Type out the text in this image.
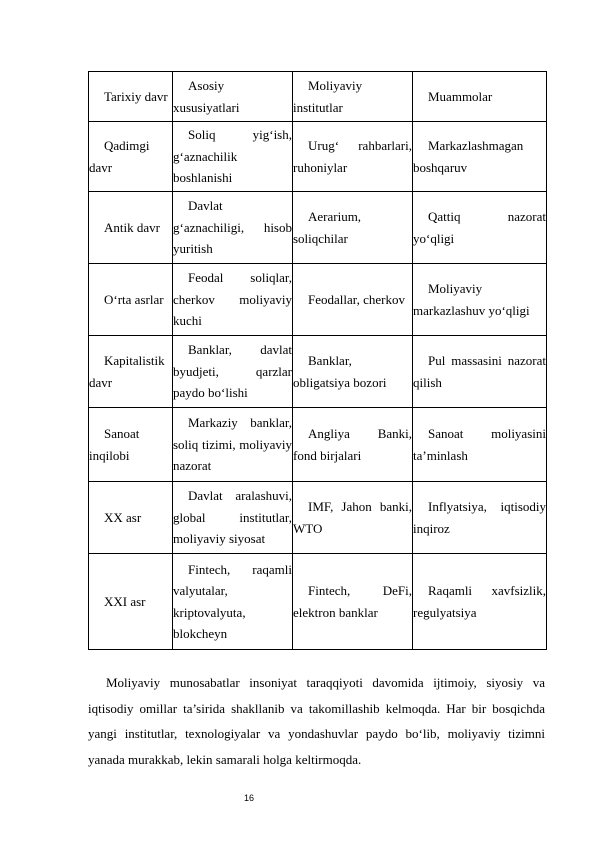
Tarixiy davr	Asosiy xususiyatlari	Moliyaviy institutlar	Muammolar

Qadimgi davr	Soliq yig‘ish, g‘aznachilik boshlanishi	Urug‘ rahbarlari, ruhoniylar	Markazlashmagan boshqaruv

Antik davr	Davlat g‘aznachiligi, hisob yuritish	Aerarium, soliqchilar	Qattiq nazorat yo‘qligi

O‘rta asrlar	Feodal soliqlar, cherkov moliyaviy kuchi	Feodallar, cherkov	Moliyaviy markazlashuv yo‘qligi

Kapitalistik davr	Banklar, davlat byudjeti, qarzlar paydo bo‘lishi	Banklar, obligatsiya bozori	Pul massasini nazorat qilish

Sanoat inqilobi	Markaziy banklar, soliq tizimi, moliyaviy nazorat	Angliya Banki, fond birjalari	Sanoat moliyasini ta’minlash

XX asr	Davlat aralashuvi, global institutlar, moliyaviy siyosat	IMF, Jahon banki, WTO	Inflyatsiya, iqtisodiy inqiroz

XXI asr	Fintech, raqamli valyutalar, kriptovalyuta, blokcheyn	Fintech, DeFi, elektron banklar	Raqamli xavfsizlik, regulyatsiya
Moliyaviy munosabatlar insoniyat taraqqiyoti davomida ijtimoiy, siyosiy va iqtisodiy omillar ta’sirida shakllanib va takomillashib kelmoqda. Har bir bosqichda yangi institutlar, texnologiyalar va yondashuvlar paydo bo‘lib, moliyaviy tizimni yanada murakkab, lekin samarali holga keltirmoqda.
16
